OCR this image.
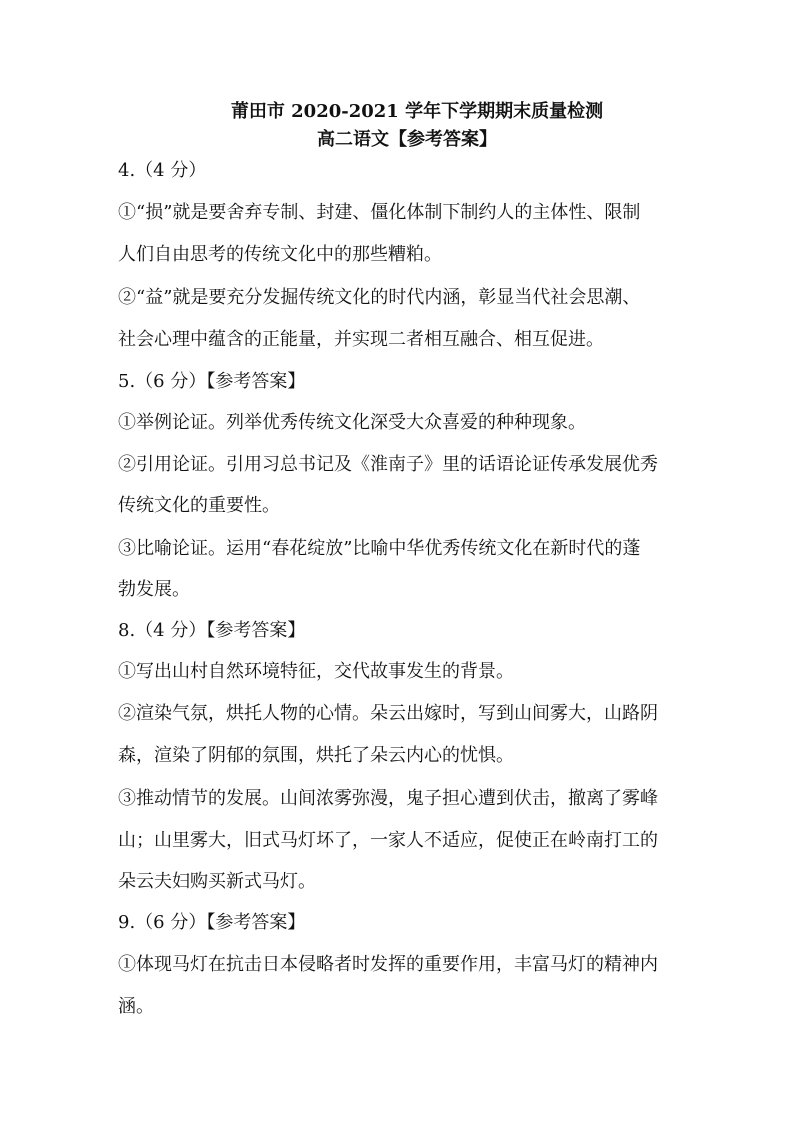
莆田市 2020-2021 学年下学期期末质量检测
高二语文【参考答案】
4.（4 分）
①“损”就是要舍弃专制、封建、僵化体制下制约人的主体性、限制
人们自由思考的传统文化中的那些糟粕。
②“益”就是要充分发掘传统文化的时代内涵，彰显当代社会思潮、
社会心理中蕴含的正能量，并实现二者相互融合、相互促进。
5.（6 分）【参考答案】
①举例论证。列举优秀传统文化深受大众喜爱的种种现象。
②引用论证。引用习总书记及《淮南子》里的话语论证传承发展优秀
传统文化的重要性。
③比喻论证。运用“春花绽放”比喻中华优秀传统文化在新时代的蓬
勃发展。
8.（4 分）【参考答案】
①写出山村自然环境特征，交代故事发生的背景。
②渲染气氛，烘托人物的心情。朵云出嫁时，写到山间雾大，山路阴
森，渲染了阴郁的氛围，烘托了朵云内心的忧惧。
③推动情节的发展。山间浓雾弥漫，鬼子担心遭到伏击，撤离了雾峰
山；山里雾大，旧式马灯坏了，一家人不适应，促使正在岭南打工的
朵云夫妇购买新式马灯。
9.（6 分）【参考答案】
①体现马灯在抗击日本侵略者时发挥的重要作用，丰富马灯的精神内
涵。
